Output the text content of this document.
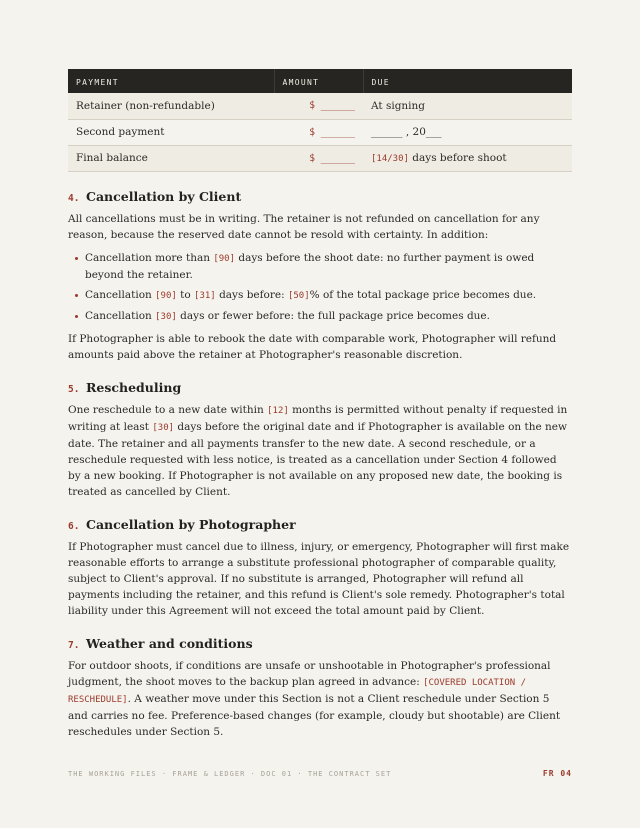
PAYMENT	AMOUNT	DUE
Retainer (non-refundable)	$ ______	At signing
Second payment	$ ______	______ , 20___
Final balance	$ ______	[14/30] days before shoot
4. Cancellation by Client

All cancellations must be in writing. The retainer is not refunded on cancellation for any reason, because the reserved date cannot be resold with certainty. In addition:

Cancellation more than [90] days before the shoot date: no further payment is owed beyond the retainer.
Cancellation [90] to [31] days before: [50]% of the total package price becomes due.
Cancellation [30] days or fewer before: the full package price becomes due.

If Photographer is able to rebook the date with comparable work, Photographer will refund amounts paid above the retainer at Photographer's reasonable discretion.

5. Rescheduling

One reschedule to a new date within [12] months is permitted without penalty if requested in writing at least [30] days before the original date and if Photographer is available on the new date. The retainer and all payments transfer to the new date. A second reschedule, or a reschedule requested with less notice, is treated as a cancellation under Section 4 followed by a new booking. If Photographer is not available on any proposed new date, the booking is treated as cancelled by Client.

6. Cancellation by Photographer

If Photographer must cancel due to illness, injury, or emergency, Photographer will first make reasonable efforts to arrange a substitute professional photographer of comparable quality, subject to Client's approval. If no substitute is arranged, Photographer will refund all payments including the retainer, and this refund is Client's sole remedy. Photographer's total liability under this Agreement will not exceed the total amount paid by Client.

7. Weather and conditions

For outdoor shoots, if conditions are unsafe or unshootable in Photographer's professional judgment, the shoot moves to the backup plan agreed in advance: [COVERED LOCATION / RESCHEDULE]. A weather move under this Section is not a Client reschedule under Section 5 and carries no fee. Preference-based changes (for example, cloudy but shootable) are Client reschedules under Section 5.

THE WORKING FILES · FRAME & LEDGER · DOC 01 · THE CONTRACT SET	FR 04
